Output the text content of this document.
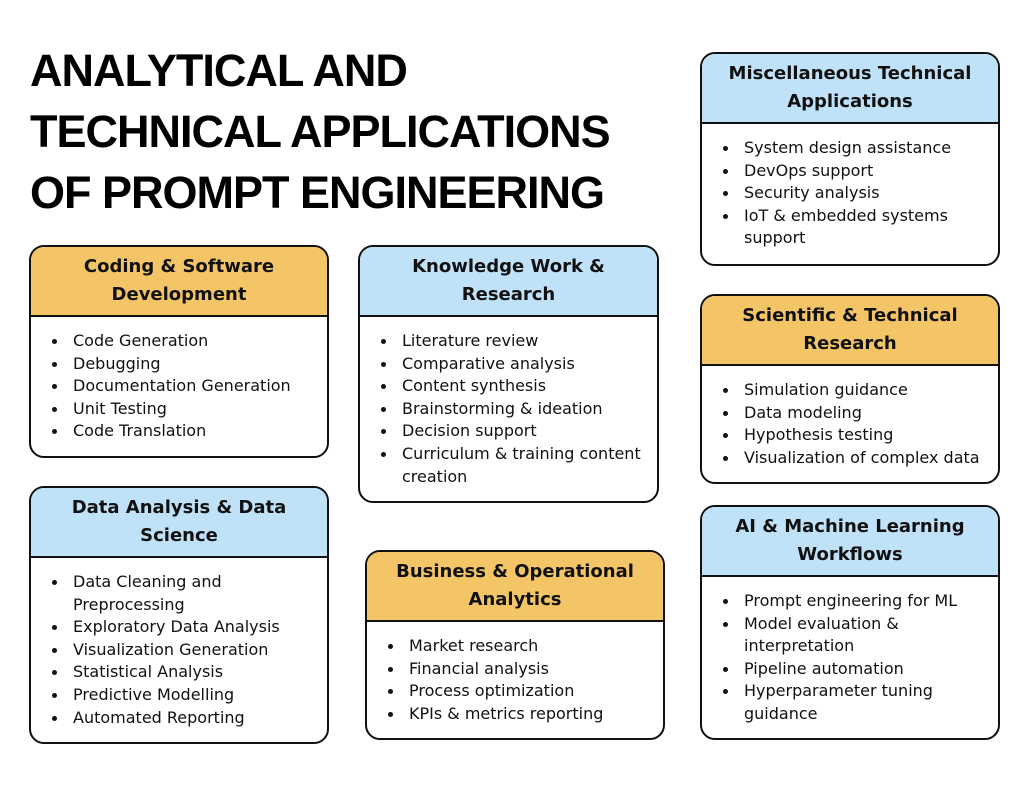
ANALYTICAL AND
TECHNICAL APPLICATIONS
OF PROMPT ENGINEERING
Coding & Software Development
Code Generation
Debugging
Documentation Generation
Unit Testing
Code Translation
Knowledge Work & Research
Literature review
Comparative analysis
Content synthesis
Brainstorming & ideation
Decision support
Curriculum & training content creation
Miscellaneous Technical Applications
System design assistance
DevOps support
Security analysis
IoT & embedded systems support
Scientific & Technical Research
Simulation guidance
Data modeling
Hypothesis testing
Visualization of complex data
Data Analysis & Data Science
Data Cleaning and Preprocessing
Exploratory Data Analysis
Visualization Generation
Statistical Analysis
Predictive Modelling
Automated Reporting
Business & Operational Analytics
Market research
Financial analysis
Process optimization
KPIs & metrics reporting
AI & Machine Learning Workflows
Prompt engineering for ML
Model evaluation & interpretation
Pipeline automation
Hyperparameter tuning guidance
